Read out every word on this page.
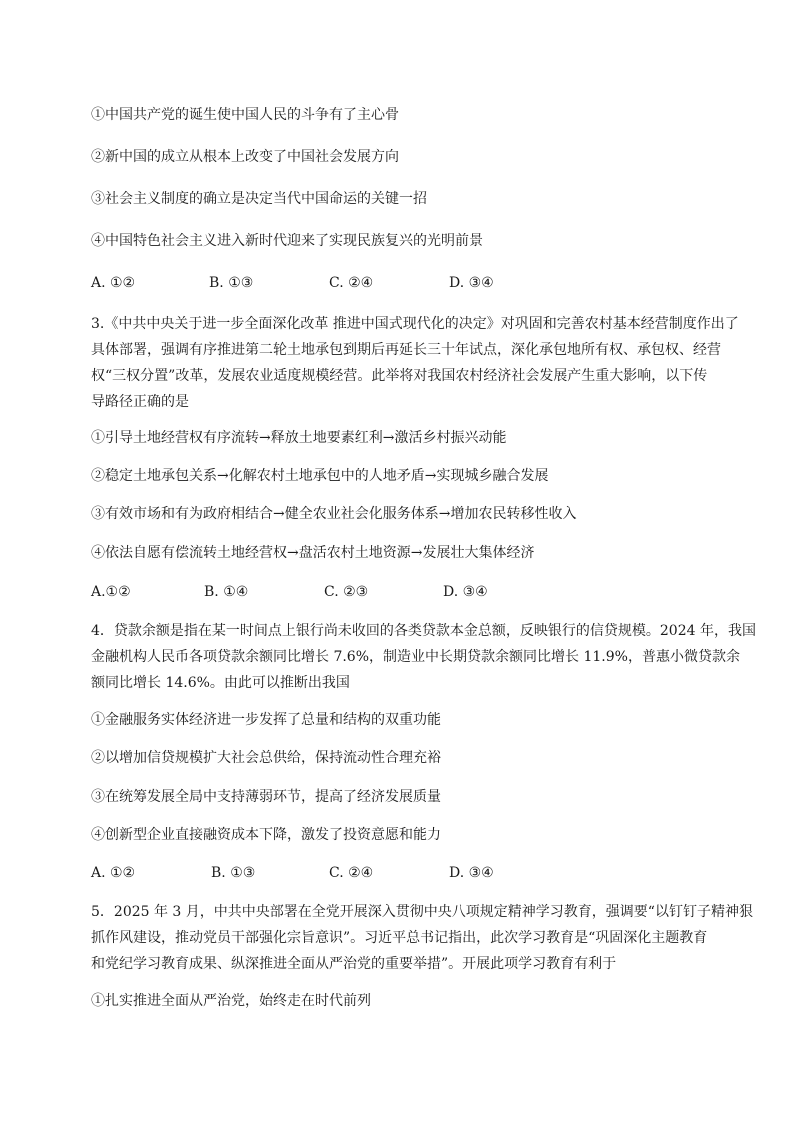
①中国共产党的诞生使中国人民的斗争有了主心骨
②新中国的成立从根本上改变了中国社会发展方向
③社会主义制度的确立是决定当代中国命运的关键一招
④中国特色社会主义进入新时代迎来了实现民族复兴的光明前景
A. ①②	B. ①③	C. ②④	D. ③④
3.《中共中央关于进一步全面深化改革 推进中国式现代化的决定》对巩固和完善农村基本经营制度作出了
具体部署，强调有序推进第二轮土地承包到期后再延长三十年试点，深化承包地所有权、承包权、经营
权“三权分置”改革，发展农业适度规模经营。此举将对我国农村经济社会发展产生重大影响，以下传
导路径正确的是
①引导土地经营权有序流转→释放土地要素红利→激活乡村振兴动能
②稳定土地承包关系→化解农村土地承包中的人地矛盾→实现城乡融合发展
③有效市场和有为政府相结合→健全农业社会化服务体系→增加农民转移性收入
④依法自愿有偿流转土地经营权→盘活农村土地资源→发展壮大集体经济
A.①②	B. ①④	C. ②③	D. ③④
4．贷款余额是指在某一时间点上银行尚未收回的各类贷款本金总额，反映银行的信贷规模。2024 年，我国
金融机构人民币各项贷款余额同比增长 7.6%，制造业中长期贷款余额同比增长 11.9%，普惠小微贷款余
额同比增长 14.6%。由此可以推断出我国
①金融服务实体经济进一步发挥了总量和结构的双重功能
②以增加信贷规模扩大社会总供给，保持流动性合理充裕
③在统筹发展全局中支持薄弱环节，提高了经济发展质量
④创新型企业直接融资成本下降，激发了投资意愿和能力
A. ①②	B. ①③	C. ②④	D. ③④
5．2025 年 3 月，中共中央部署在全党开展深入贯彻中央八项规定精神学习教育，强调要“以钉钉子精神狠
抓作风建设，推动党员干部强化宗旨意识”。习近平总书记指出，此次学习教育是“巩固深化主题教育
和党纪学习教育成果、纵深推进全面从严治党的重要举措”。开展此项学习教育有利于
①扎实推进全面从严治党，始终走在时代前列
